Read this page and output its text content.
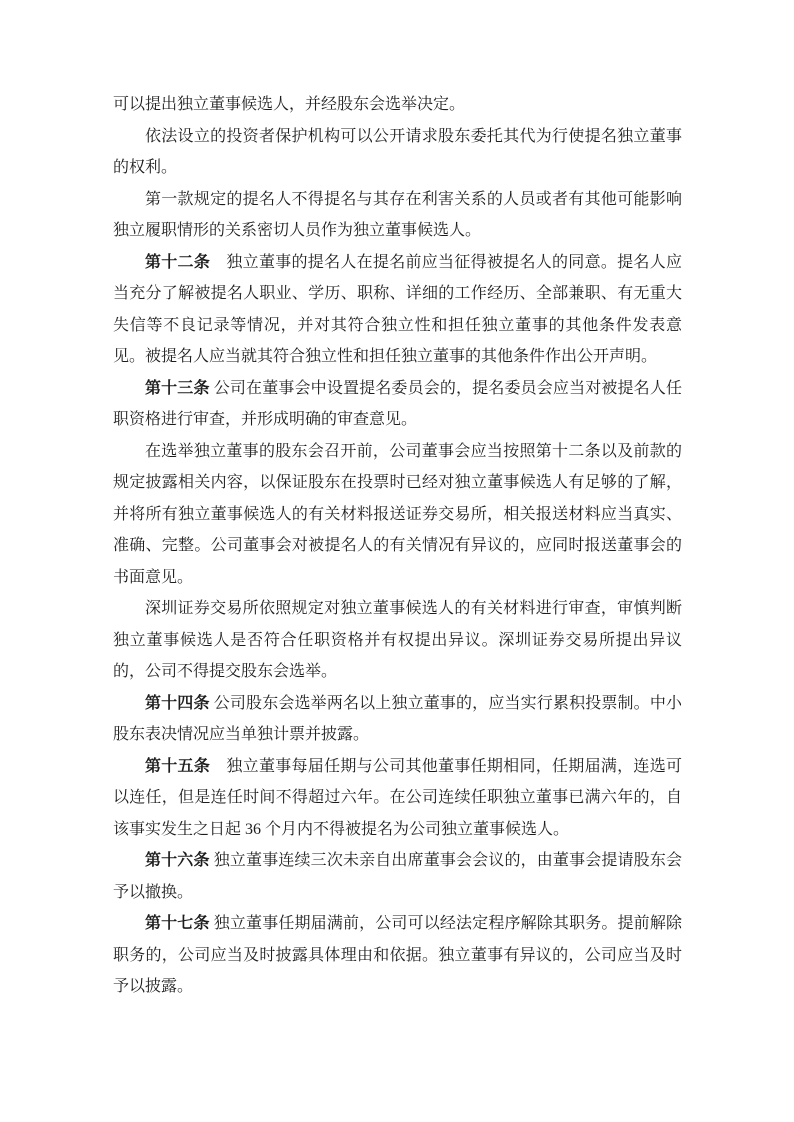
可以提出独立董事候选人，并经股东会选举决定。

依法设立的投资者保护机构可以公开请求股东委托其代为行使提名独立董事的权利。

第一款规定的提名人不得提名与其存在利害关系的人员或者有其他可能影响独立履职情形的关系密切人员作为独立董事候选人。

第十二条　独立董事的提名人在提名前应当征得被提名人的同意。提名人应当充分了解被提名人职业、学历、职称、详细的工作经历、全部兼职、有无重大失信等不良记录等情况，并对其符合独立性和担任独立董事的其他条件发表意见。被提名人应当就其符合独立性和担任独立董事的其他条件作出公开声明。

第十三条 公司在董事会中设置提名委员会的，提名委员会应当对被提名人任职资格进行审查，并形成明确的审查意见。

在选举独立董事的股东会召开前，公司董事会应当按照第十二条以及前款的规定披露相关内容，以保证股东在投票时已经对独立董事候选人有足够的了解，并将所有独立董事候选人的有关材料报送证券交易所，相关报送材料应当真实、准确、完整。公司董事会对被提名人的有关情况有异议的，应同时报送董事会的书面意见。

深圳证券交易所依照规定对独立董事候选人的有关材料进行审查，审慎判断独立董事候选人是否符合任职资格并有权提出异议。深圳证券交易所提出异议的，公司不得提交股东会选举。

第十四条 公司股东会选举两名以上独立董事的，应当实行累积投票制。中小股东表决情况应当单独计票并披露。

第十五条　独立董事每届任期与公司其他董事任期相同，任期届满，连选可以连任，但是连任时间不得超过六年。在公司连续任职独立董事已满六年的，自该事实发生之日起 36 个月内不得被提名为公司独立董事候选人。

第十六条 独立董事连续三次未亲自出席董事会会议的，由董事会提请股东会予以撤换。

第十七条 独立董事任期届满前，公司可以经法定程序解除其职务。提前解除职务的，公司应当及时披露具体理由和依据。独立董事有异议的，公司应当及时予以披露。
